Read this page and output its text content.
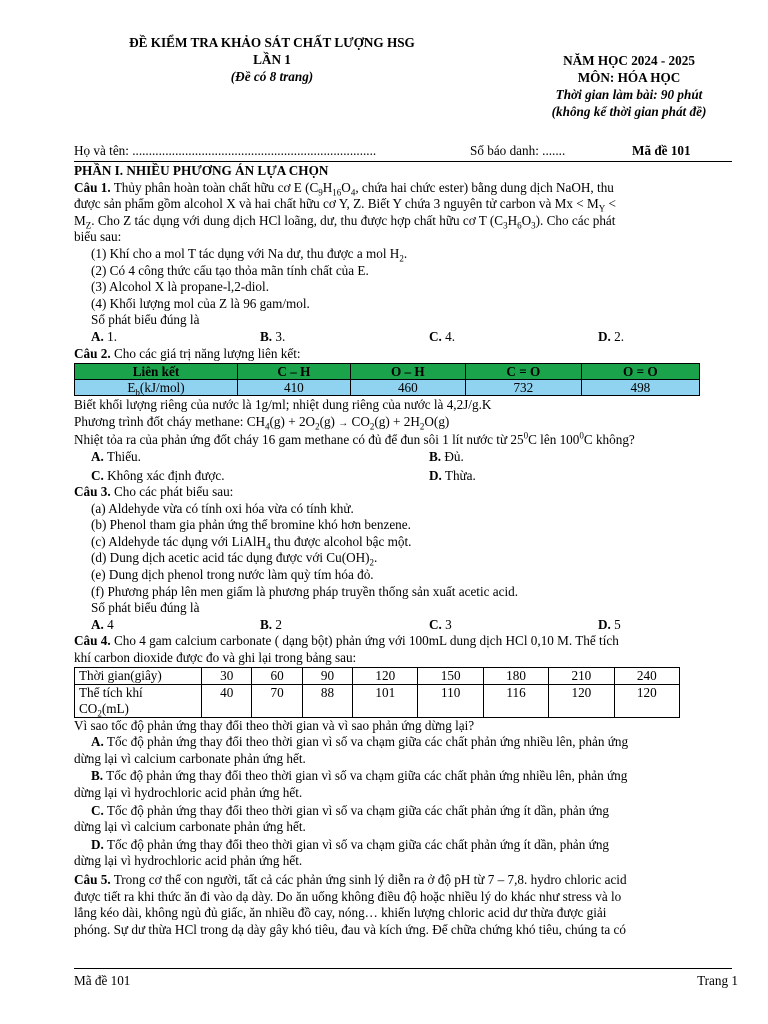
ĐỀ KIỂM TRA KHẢO SÁT CHẤT LƯỢNG HSG
LẦN 1
(Đề có 8 trang)
NĂM HỌC 2024 - 2025
MÔN: HÓA HỌC
Thời gian làm bài: 90 phút
(không kể thời gian phát đề)
Họ và tên: ..........................................................................	Số báo danh: .......	Mã đề 101
PHẦN I. NHIỀU PHƯƠNG ÁN LỰA CHỌN
Câu 1. Thủy phân hoàn toàn chất hữu cơ E ($C_9H_{16}O_4$, chứa hai chức ester) bằng dung dịch NaOH, thu
được sản phẩm gồm alcohol X và hai chất hữu cơ Y, Z. Biết Y chứa 3 nguyên tử carbon và $Mx < M_Y$ <
$M_Z$. Cho Z tác dụng với dung dịch HCl loãng, dư, thu được hợp chất hữu cơ T $(C_3H_6O_3)$. Cho các phát
biểu sau:
(1) Khí cho a mol T tác dụng với Na dư, thu được a mol $H_2$.
(2) Có 4 công thức cấu tạo thỏa mãn tính chất của E.
(3) Alcohol X là propane-l,2-diol.
(4) Khối lượng mol của Z là 96 gam/mol.
Số phát biểu đúng là
A. 1.	B. 3.	C. 4.	D. 2.
Câu 2. Cho các giá trị năng lượng liên kết:
Liên kết	C – H	O – H	C = O	O = O
$E_b(kJ/mol)$	410	460	732	498
Biết khối lượng riêng của nước là 1g/ml; nhiệt dung riêng của nước là 4,2J/g.K
Phương trình đốt cháy methane: $CH_4(g) + 2O_2(g) \to CO_2(g) + 2H_2O(g)$
Nhiệt tỏa ra của phản ứng đốt cháy 16 gam methane có đủ để đun sôi 1 lít nước từ $25^0C$ lên $100^0C$ không?
A. Thiếu.	B. Đủ.
C. Không xác định được.	D. Thừa.
Câu 3. Cho các phát biểu sau:
(a) Aldehyde vừa có tính oxi hóa vừa có tính khử.
(b) Phenol tham gia phản ứng thế bromine khó hơn benzene.
(c) Aldehyde tác dụng với LiAlH$_4$ thu được alcohol bậc một.
(d) Dung dịch acetic acid tác dụng được với $Cu(OH)_2$.
(e) Dung dịch phenol trong nước làm quỳ tím hóa đỏ.
(f) Phương pháp lên men giấm là phương pháp truyền thống sản xuất acetic acid.
Số phát biểu đúng là
A. 4	B. 2	C. 3	D. 5
Câu 4. Cho 4 gam calcium carbonate ( dạng bột) phản ứng với 100mL dung dịch HCl 0,10 M. Thể tích
khí carbon dioxide được đo và ghi lại trong bảng sau:
Thời gian(giây)	30	60	90	120	150	180	210	240
Thể tích khí
$CO_2(mL)$	40	70	88	101	110	116	120	120
Vì sao tốc độ phản ứng thay đổi theo thời gian và vì sao phản ứng dừng lại?
A. Tốc độ phản ứng thay đổi theo thời gian vì số va chạm giữa các chất phản ứng nhiều lên, phản ứng
dừng lại vì calcium carbonate phản ứng hết.
B. Tốc độ phản ứng thay đổi theo thời gian vì số va chạm giữa các chất phản ứng nhiều lên, phản ứng
dừng lại vì hydrochloric acid phản ứng hết.
C. Tốc độ phản ứng thay đổi theo thời gian vì số va chạm giữa các chất phản ứng ít dần, phản ứng
dừng lại vì calcium carbonate phản ứng hết.
D. Tốc độ phản ứng thay đổi theo thời gian vì số va chạm giữa các chất phản ứng ít dần, phản ứng
dừng lại vì hydrochloric acid phản ứng hết.
Câu 5. Trong cơ thể con người, tất cả các phản ứng sinh lý diễn ra ở độ pH từ 7 – 7,8. hydro chloric acid
được tiết ra khi thức ăn đi vào dạ dày. Do ăn uống không điều độ hoặc nhiều lý do khác như stress và lo
lắng kéo dài, không ngủ đủ giấc, ăn nhiều đồ cay, nóng… khiến lượng chloric acid dư thừa được giải
phóng. Sự dư thừa HCl trong dạ dày gây khó tiêu, đau và kích ứng. Để chữa chứng khó tiêu, chúng ta có
Mã đề 101	Trang 1
